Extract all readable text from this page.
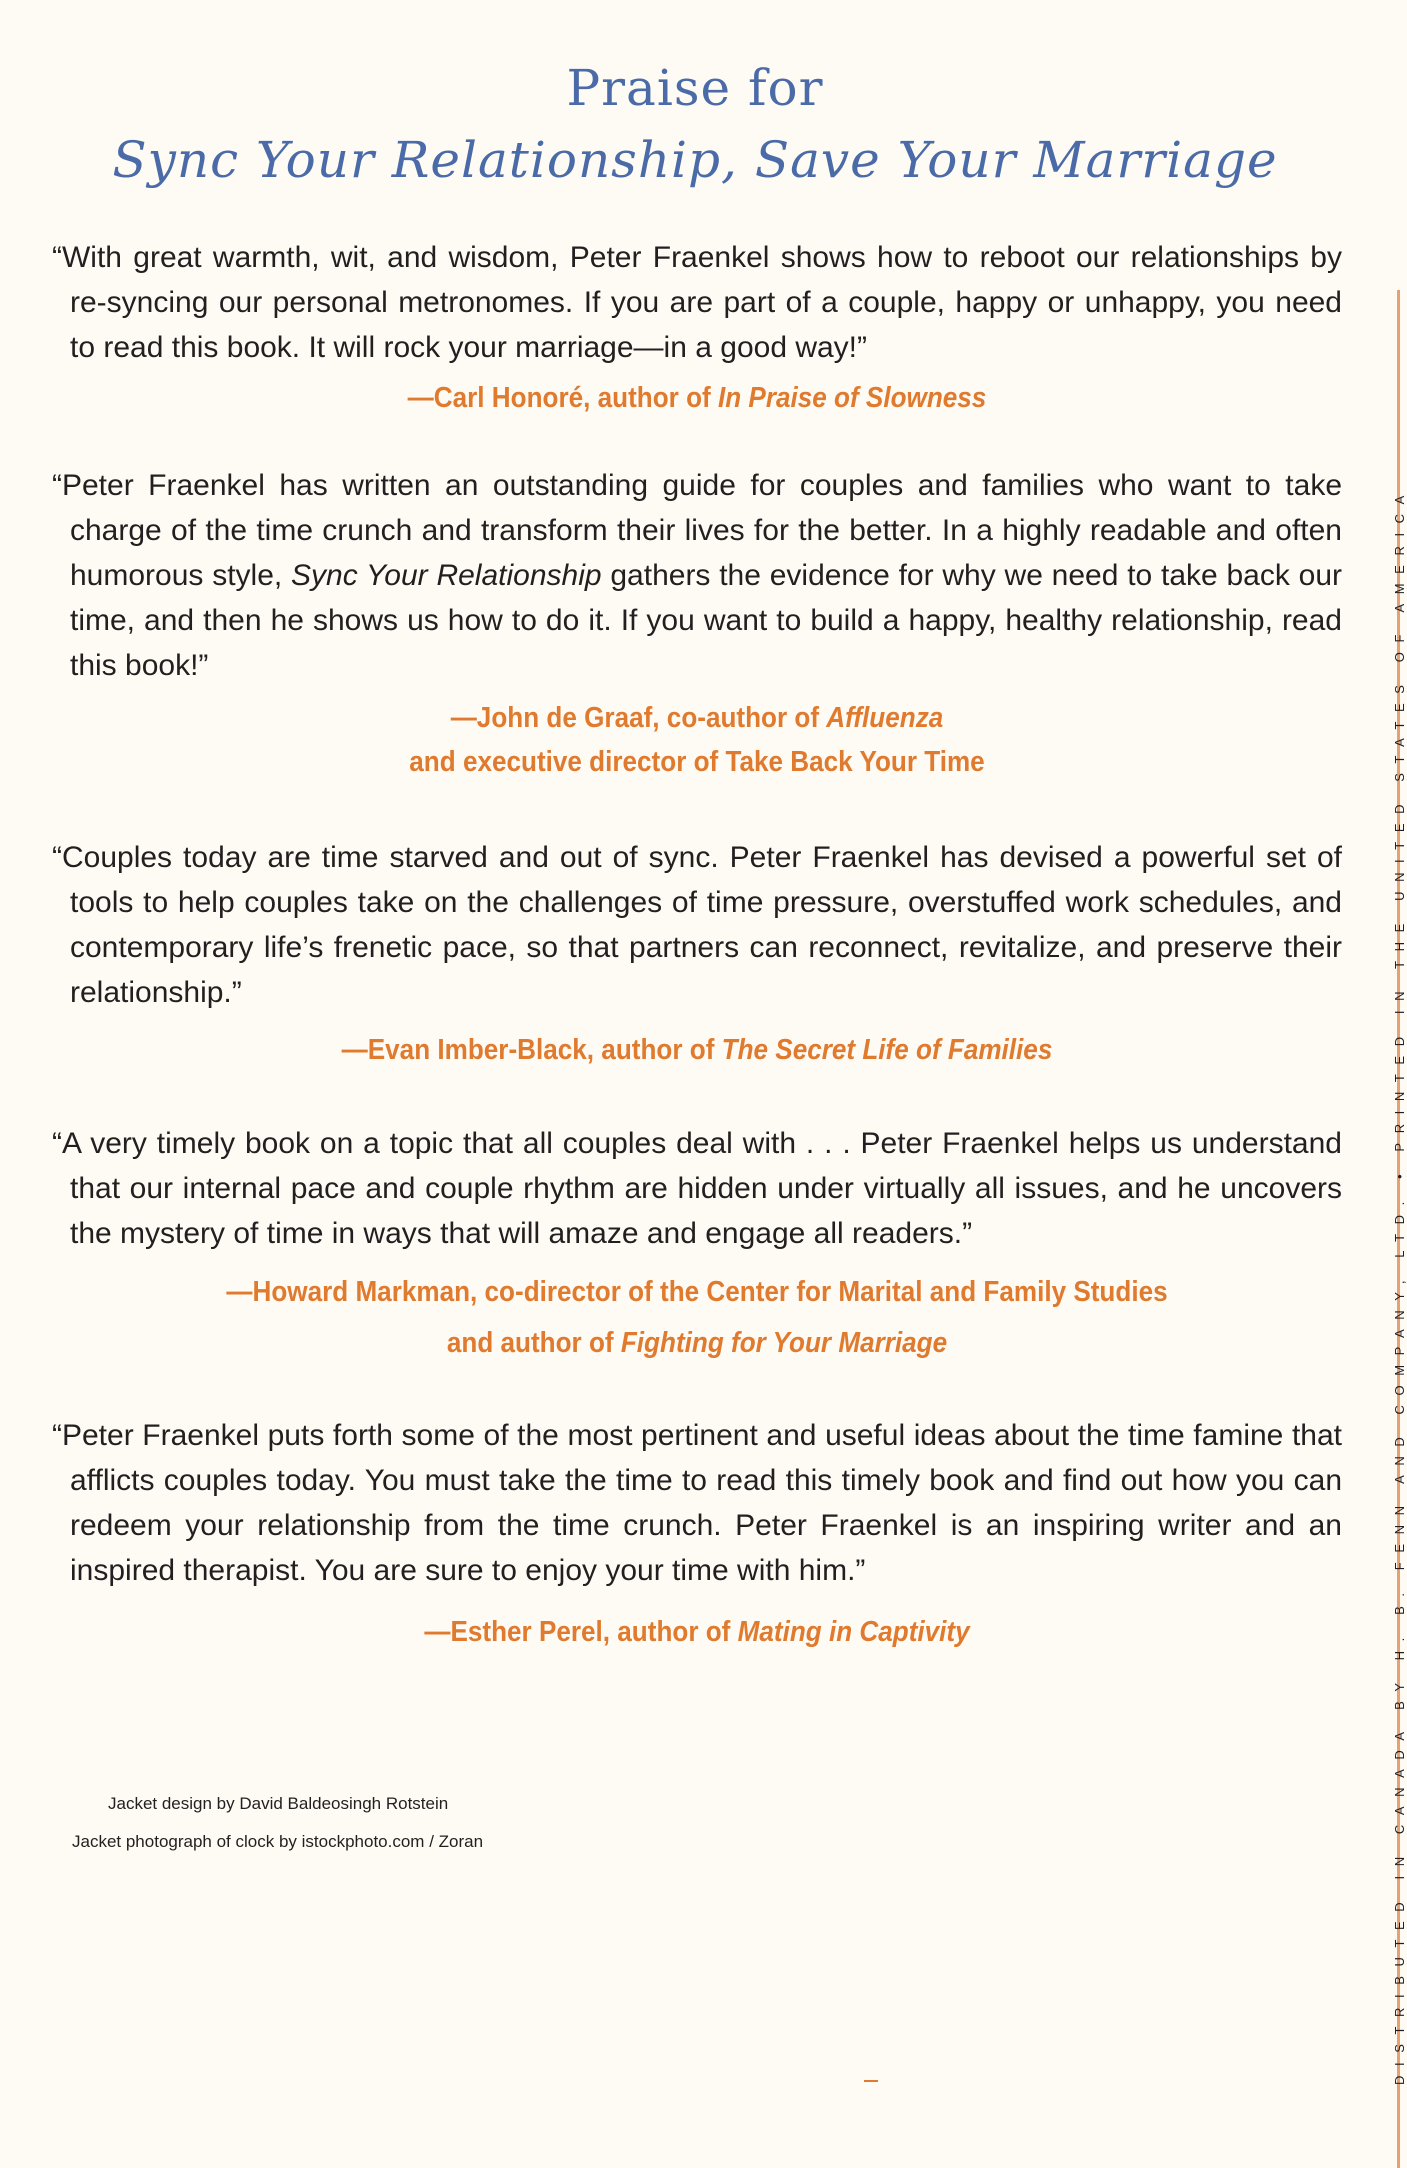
Praise for
Sync Your Relationship, Save Your Marriage
“With great warmth, wit, and wisdom, Peter Fraenkel shows how to reboot our relationships by re-syncing our personal metronomes. If you are part of a couple, happy or unhappy, you need to read this book. It will rock your marriage—in a good way!”
—Carl Honoré, author of In Praise of Slowness
“Peter Fraenkel has written an outstanding guide for couples and families who want to take charge of the time crunch and transform their lives for the better. In a highly readable and often humorous style, Sync Your Relationship gathers the evidence for why we need to take back our time, and then he shows us how to do it. If you want to build a happy, healthy relationship, read this book!”
—John de Graaf, co-author of Affluenza
and executive director of Take Back Your Time
“Couples today are time starved and out of sync. Peter Fraenkel has devised a powerful set of tools to help couples take on the challenges of time pressure, overstuffed work schedules, and contemporary life’s frenetic pace, so that partners can reconnect, revitalize, and preserve their relationship.”
—Evan Imber-Black, author of The Secret Life of Families
“A very timely book on a topic that all couples deal with . . . Peter Fraenkel helps us understand that our internal pace and couple rhythm are hidden under virtually all issues, and he uncovers the mystery of time in ways that will amaze and engage all readers.”
—Howard Markman, co-director of the Center for Marital and Family Studies
and author of Fighting for Your Marriage
“Peter Fraenkel puts forth some of the most pertinent and useful ideas about the time famine that afflicts couples today. You must take the time to read this timely book and find out how you can redeem your relationship from the time crunch. Peter Fraenkel is an inspiring writer and an inspired therapist. You are sure to enjoy your time with him.”
—Esther Perel, author of Mating in Captivity
Jacket design by David Baldeosingh Rotstein
Jacket photograph of clock by istockphoto.com / Zoran	DISTRIBUTED IN CANADA BY H. B. FENN AND COMPANY, LTD. • PRINTED IN THE UNITED STATES OF AMERICA
